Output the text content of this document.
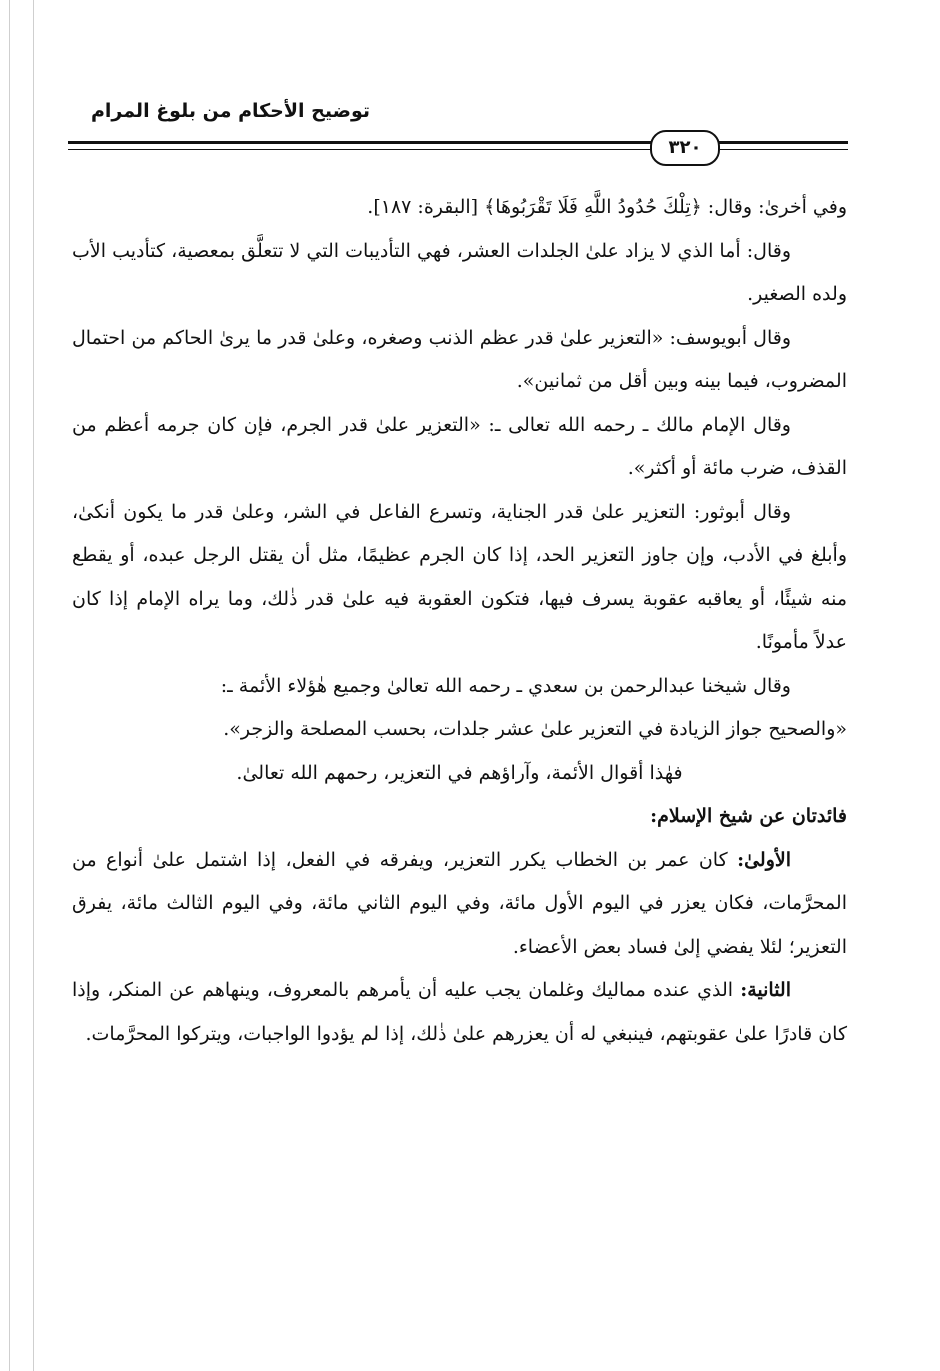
توضيح الأحكام من بلوغ المرام
٣٢٠

وفي أخرىٰ: وقال: ﴿تِلْكَ حُدُودُ اللَّهِ فَلَا تَقْرَبُوهَا﴾ [البقرة: ١٨٧].

وقال: أما الذي لا يزاد علىٰ الجلدات العشر، فهي التأديبات التي لا تتعلَّق بمعصية، كتأديب الأب ولده الصغير.

وقال أبويوسف: «التعزير علىٰ قدر عظم الذنب وصغره، وعلىٰ قدر ما يرىٰ الحاكم من احتمال المضروب، فيما بينه وبين أقل من ثمانين».

وقال الإمام مالك ـ رحمه الله تعالى ـ: «التعزير علىٰ قدر الجرم، فإن كان جرمه أعظم من القذف، ضرب مائة أو أكثر».

وقال أبوثور: التعزير علىٰ قدر الجناية، وتسرع الفاعل في الشر، وعلىٰ قدر ما يكون أنكىٰ، وأبلغ في الأدب، وإن جاوز التعزير الحد، إذا كان الجرم عظيمًا، مثل أن يقتل الرجل عبده، أو يقطع منه شيئًا، أو يعاقبه عقوبة يسرف فيها، فتكون العقوبة فيه علىٰ قدر ذٰلك، وما يراه الإمام إذا كان عدلاً مأمونًا.

وقال شيخنا عبدالرحمن بن سعدي ـ رحمه الله تعالىٰ وجميع هٰؤلاء الأئمة ـ:

«والصحيح جواز الزيادة في التعزير علىٰ عشر جلدات، بحسب المصلحة والزجر».

فهٰذا أقوال الأئمة، وآراؤهم في التعزير، رحمهم الله تعالىٰ.

فائدتان عن شيخ الإسلام:

الأولىٰ: كان عمر بن الخطاب يكرر التعزير، ويفرقه في الفعل، إذا اشتمل علىٰ أنواع من المحرَّمات، فكان يعزر في اليوم الأول مائة، وفي اليوم الثاني مائة، وفي اليوم الثالث مائة، يفرق التعزير؛ لئلا يفضي إلىٰ فساد بعض الأعضاء.

الثانية: الذي عنده مماليك وغلمان يجب عليه أن يأمرهم بالمعروف، وينهاهم عن المنكر، وإذا كان قادرًا علىٰ عقوبتهم، فينبغي له أن يعزرهم علىٰ ذٰلك، إذا لم يؤدوا الواجبات، ويتركوا المحرَّمات.
